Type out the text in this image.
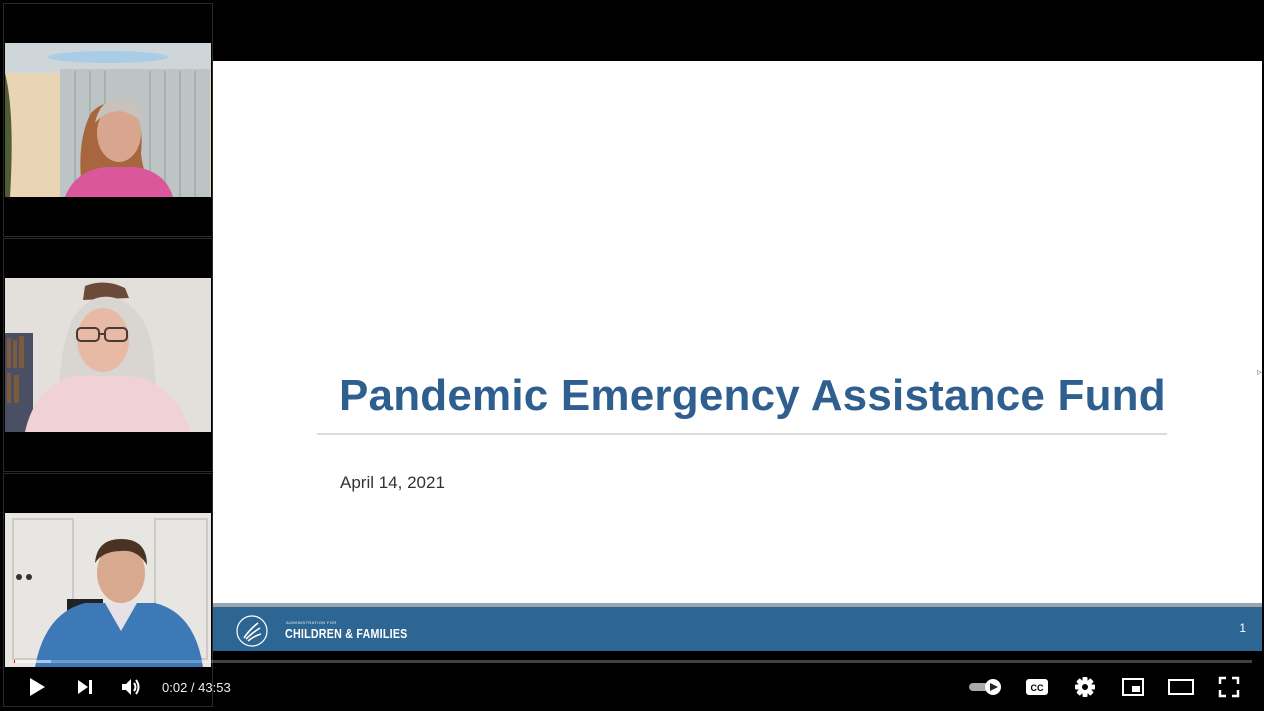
Pandemic Emergency Assistance Fund
April 14, 2021
▹
ADMINISTRATION FOR
CHILDREN & FAMILIES	1
0:02 / 43:53	CC
